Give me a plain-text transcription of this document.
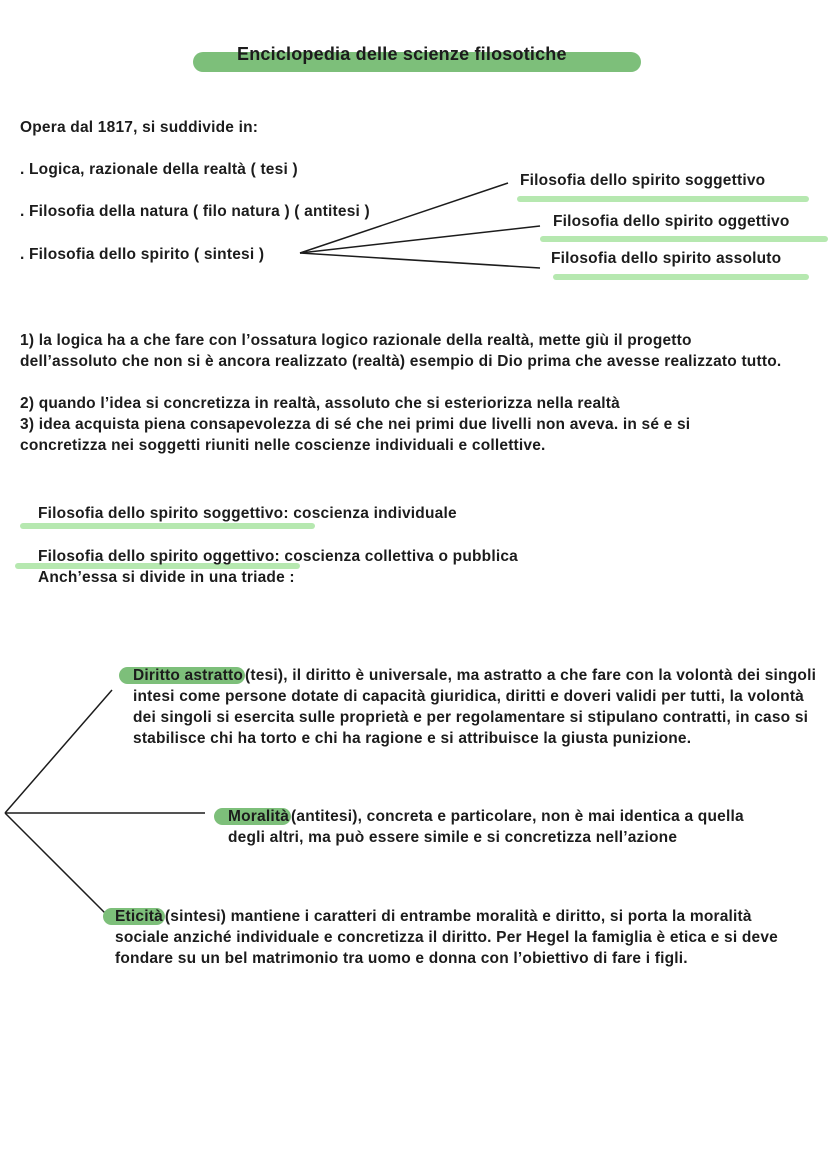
Enciclopedia delle scienze filosotiche
Opera dal 1817, si suddivide in:
. Logica, razionale della realtà ( tesi )
. Filosofia della natura ( filo natura ) ( antitesi )
. Filosofia dello spirito ( sintesi )
Filosofia dello spirito soggettivo
Filosofia dello spirito oggettivo
Filosofia dello spirito assoluto
1) la logica ha a che fare con l’ossatura logico razionale della realtà, mette giù il progetto dell’assoluto che non si è ancora realizzato (realtà) esempio di Dio prima che avesse realizzato tutto.
2) quando l’idea si concretizza in realtà, assoluto che si esteriorizza nella realtà
3) idea acquista piena consapevolezza di sé che nei primi due livelli non aveva. in sé e si concretizza nei soggetti riuniti nelle coscienze individuali e collettive.
Filosofia dello spirito soggettivo: coscienza individuale
Filosofia dello spirito oggettivo: coscienza collettiva o pubblica
Anch’essa si divide in una triade :
Diritto astratto (tesi), il diritto è universale, ma astratto a che fare con la volontà dei singoli intesi come persone dotate di capacità giuridica, diritti e doveri validi per tutti, la volontà dei singoli si esercita sulle proprietà e per regolamentare si stipulano contratti, in caso si stabilisce chi ha torto e chi ha ragione e si attribuisce la giusta punizione.
Moralità (antitesi), concreta e particolare, non è mai identica a quella degli altri, ma può essere simile e si concretizza nell’azione
Eticità (sintesi) mantiene i caratteri di entrambe moralità e diritto, si porta la moralità sociale anziché individuale e concretizza il diritto. Per Hegel la famiglia è etica e si deve fondare su un bel matrimonio tra uomo e donna con l’obiettivo di fare i figli.
